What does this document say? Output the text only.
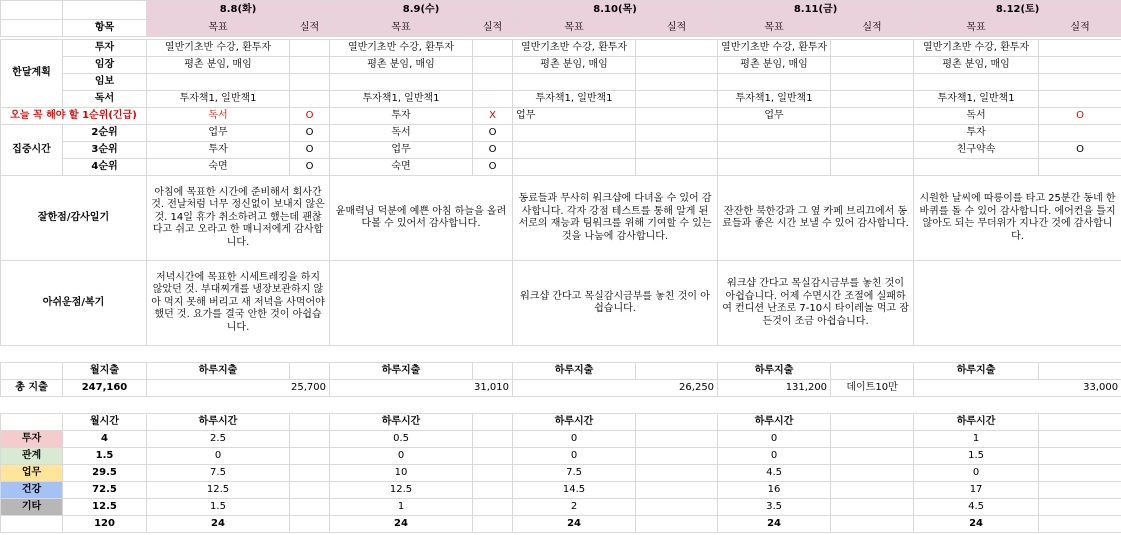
		8.8(화)		8.9(수)		8.10(목)		8.11(금)		8.12(토)	
	항목	목표	실적	목표	실적	목표	실적	목표	실적	목표	실적

한달계획	투자	열반기초반 수강, 환투자		열반기초반 수강, 환투자		열반기초반 수강, 환투자		열반기초반 수강, 환투자		열반기초반 수강, 환투자	
	임장	평촌 분임, 매임		평촌 분임, 매임		평촌 분임, 매임		평촌 분임, 매임		평촌 분임, 매임	
	임보										
	독서	투자책1, 일반책1		투자책1, 일반책1		투자책1, 일반책1		투자책1, 일반책1		투자책1, 일반책1	
오늘 꼭 해야 할 1순위(긴급)		독서	O	투자	X	업무		업무		독서	O
집중시간	2순위	업무	O	독서	O					투자	
	3순위	투자	O	업무	O					친구약속	O
	4순위	숙면	O	숙면	O						
잘한점/감사일기		아침에 목표한 시간에 준비해서 회사간 것. 전날처럼 너무 정신없이 보내지 않은 것. 14일 휴가 취소하려고 했는데 괜찮다고 쉬고 오라고 한 매니저에게 감사합니다.		윤매력님 덕분에 예쁜 아침 하늘을 올려다볼 수 있어서 감사합니다.		동료들과 무사히 워크샵에 다녀올 수 있어 감사합니다. 각자 강점 테스트를 통해 알게 된 서로의 재능과 팀워크를 위해 기여할 수 있는 것을 나눔에 감사합니다.		잔잔한 북한강과 그 옆 카페 브리끄에서 동료들과 좋은 시간 보낼 수 있어 감사합니다.		시원한 날씨에 따릉이를 타고 25분간 동네 한바퀴를 돌 수 있어 감사합니다. 에어컨을 틀지 않아도 되는 무더위가 지나간 것에 감사합니다.	
아쉬운점/복기		저녁시간에 목표한 시세트레킹을 하지 않았던 것. 부대찌개를 냉장보관하지 않아 먹지 못해 버리고 새 저녁을 사먹어야했던 것. 요가를 결국 안한 것이 아쉽습니다.				워크샵 간다고 목실감시금부를 놓친 것이 아쉽습니다.		워크샵 간다고 목실감시금부를 놓친 것이 아쉽습니다. 어제 수면시간 조절에 실패하여 컨디션 난조로 7-10시 타이레놀 먹고 잠든것이 조금 아쉽습니다.			

	월지출	하루지출		하루지출		하루지출		하루지출		하루지출	
총 지출	247,160	25,700		31,010		26,250		131,200	데이트10만	33,000	

	월시간	하루시간		하루시간		하루시간		하루시간		하루시간	
투자	4	2.5		0.5		0		0		1	
관계	1.5	0		0		0		0		1.5	
업무	29.5	7.5		10		7.5		4.5		0	
건강	72.5	12.5		12.5		14.5		16		17	
기타	12.5	1.5		1		2		3.5		4.5	
	120	24		24		24		24		24	
